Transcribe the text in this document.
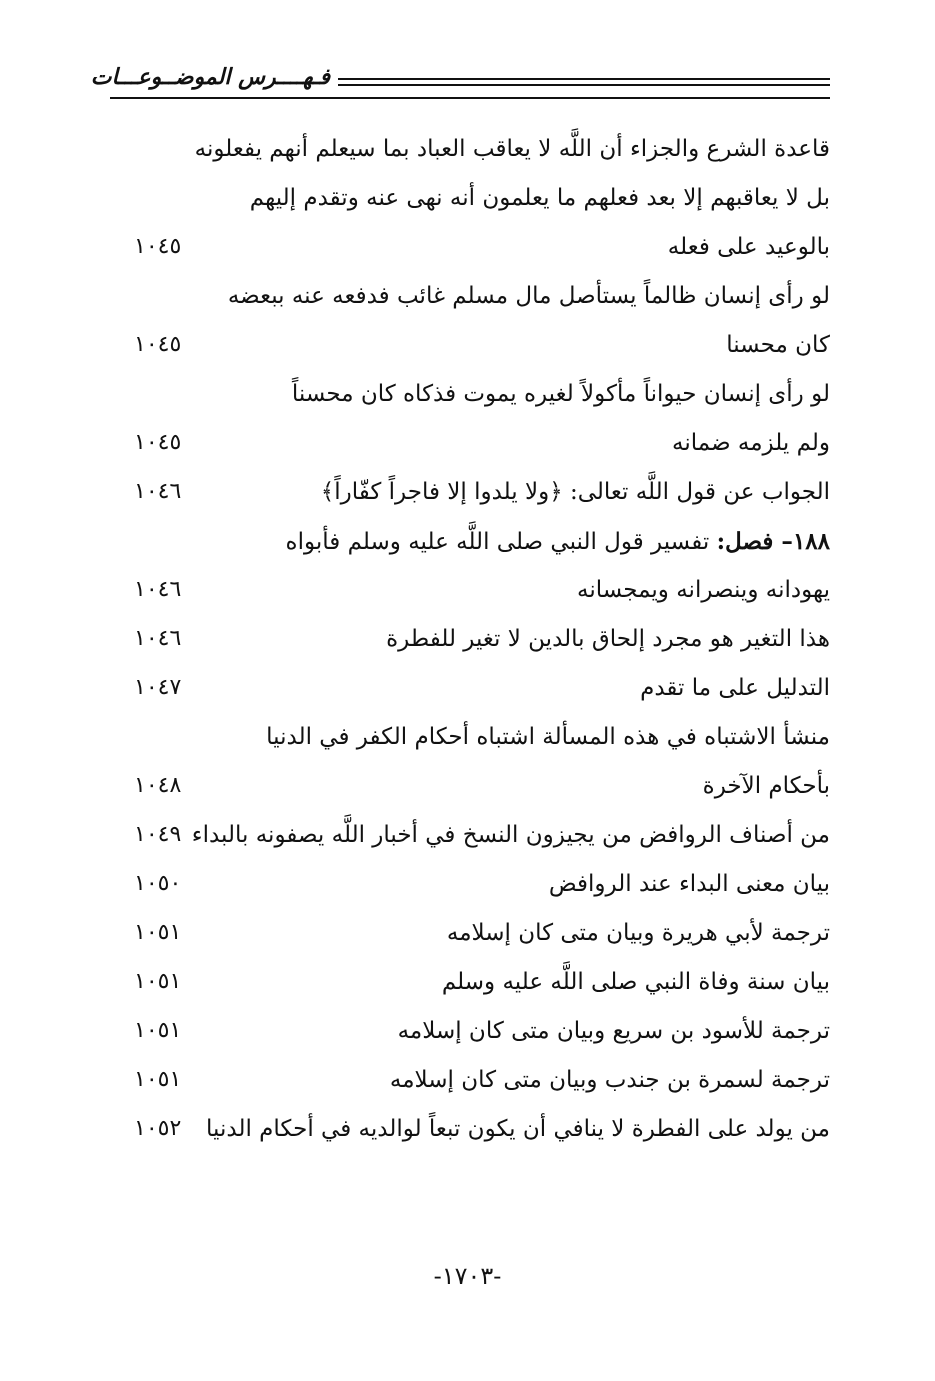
فـهــــرس الموضــوعـــات
قاعدة الشرع والجزاء أن اللَّه لا يعاقب العباد بما سيعلم أنهم يفعلونه
بل لا يعاقبهم إلا بعد فعلهم ما يعلمون أنه نهى عنه وتقدم إليهم
بالوعيد على فعله
١٠٤٥
لو رأى إنسان ظالماً يستأصل مال مسلم غائب فدفعه عنه ببعضه
كان محسنا
١٠٤٥
لو رأى إنسان حيواناً مأكولاً لغيره يموت فذكاه كان محسناً
ولم يلزمه ضمانه
١٠٤٥
الجواب عن قول اللَّه تعالى: ﴿ولا يلدوا إلا فاجراً كفّاراً﴾
١٠٤٦
١٨٨– فصل: تفسير قول النبي صلى اللَّه عليه وسلم فأبواه
يهودانه وينصرانه ويمجسانه
١٠٤٦
هذا التغير هو مجرد إلحاق بالدين لا تغير للفطرة
١٠٤٦
التدليل على ما تقدم
١٠٤٧
منشأ الاشتباه في هذه المسألة اشتباه أحكام الكفر في الدنيا
بأحكام الآخرة
١٠٤٨
من أصناف الروافض من يجيزون النسخ في أخبار اللَّه يصفونه بالبداء
١٠٤٩
بيان معنى البداء عند الروافض
١٠٥٠
ترجمة لأبي هريرة وبيان متى كان إسلامه
١٠٥١
بيان سنة وفاة النبي صلى اللَّه عليه وسلم
١٠٥١
ترجمة للأسود بن سريع وبيان متى كان إسلامه
١٠٥١
ترجمة لسمرة بن جندب وبيان متى كان إسلامه
١٠٥١
من يولد على الفطرة لا ينافي أن يكون تبعاً لوالديه في أحكام الدنيا
١٠٥٢
-١٧٠٣-
